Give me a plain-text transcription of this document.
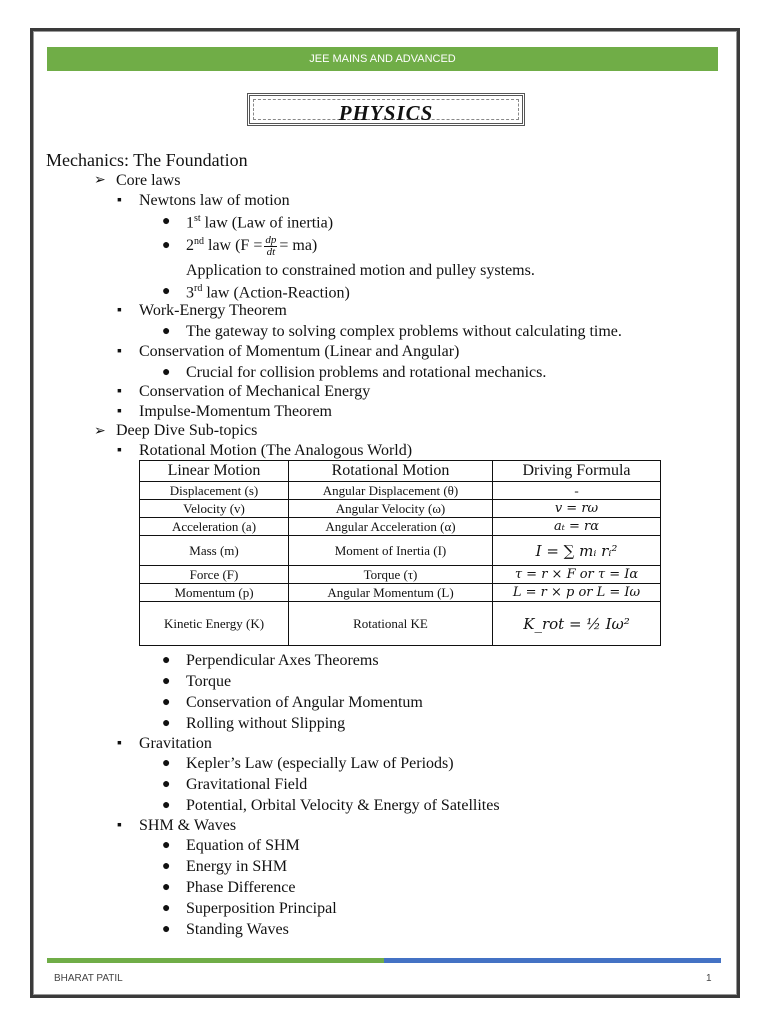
JEE MAINS AND ADVANCED
PHYSICS
Mechanics: The Foundation
➢ Core laws
▪ Newtons law of motion
● 1st law (Law of inertia)
● 2nd law $(F = \frac{dp}{dt} = ma)$
Application to constrained motion and pulley systems.
● 3rd law (Action-Reaction)
▪ Work-Energy Theorem
● The gateway to solving complex problems without calculating time.
▪ Conservation of Momentum (Linear and Angular)
● Crucial for collision problems and rotational mechanics.
▪ Conservation of Mechanical Energy
▪ Impulse-Momentum Theorem
➢ Deep Dive Sub-topics
▪ Rotational Motion (The Analogous World)
Linear Motion	Rotational Motion	Driving Formula
Displacement (s)	Angular Displacement (θ)	-
Velocity (v)	Angular Velocity (ω)	v = rω
Acceleration (a)	Angular Acceleration (α)	aₜ = rα
Mass (m)	Moment of Inertia (I)	I = ∑ mᵢ rᵢ²
Force (F)	Torque (τ)	τ = r × F or τ = Iα
Momentum (p)	Angular Momentum (L)	L = r × p or L = Iω
Kinetic Energy (K)	Rotational KE	K_rot = ½ Iω²
● Perpendicular Axes Theorems
● Torque
● Conservation of Angular Momentum
● Rolling without Slipping
▪ Gravitation
● Kepler’s Law (especially Law of Periods)
● Gravitational Field
● Potential, Orbital Velocity & Energy of Satellites
▪ SHM & Waves
● Equation of SHM
● Energy in SHM
● Phase Difference
● Superposition Principal
● Standing Waves
BHARAT PATIL	1
